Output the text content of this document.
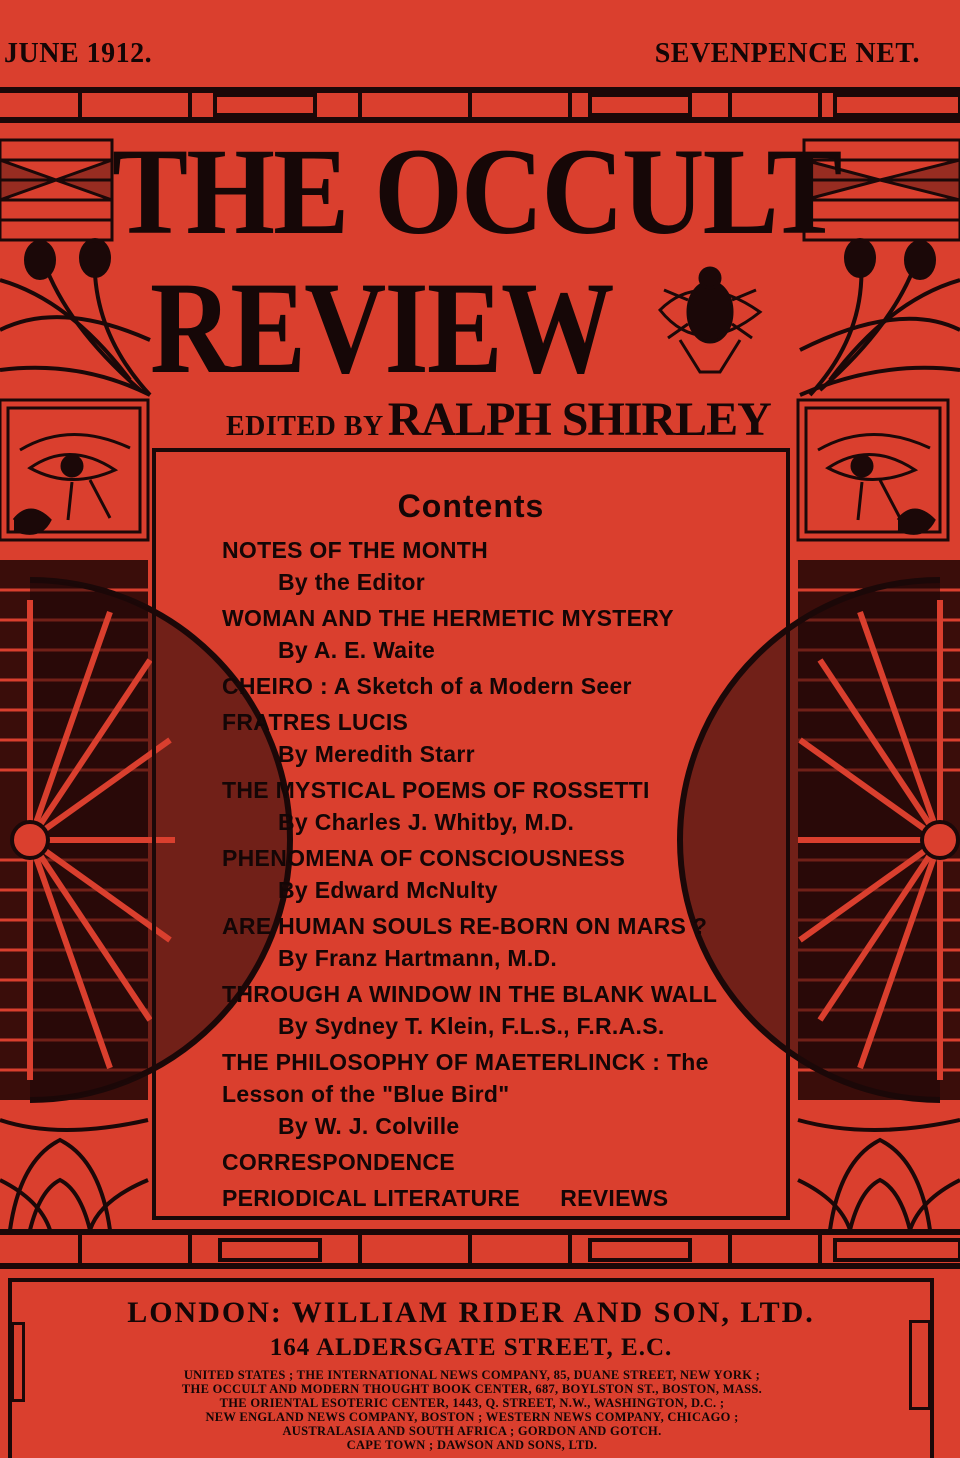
JUNE 1912.	SEVENPENCE NET.
THE OCCULT
REVIEW
EDITED BY RALPH SHIRLEY
Contents
NOTES OF THE MONTH
By the Editor
WOMAN AND THE HERMETIC MYSTERY
By A. E. Waite
CHEIRO : A Sketch of a Modern Seer
FRATRES LUCIS
By Meredith Starr
THE MYSTICAL POEMS OF ROSSETTI
By Charles J. Whitby, M.D.
PHENOMENA OF CONSCIOUSNESS
By Edward McNulty
ARE HUMAN SOULS RE-BORN ON MARS ?
By Franz Hartmann, M.D.
THROUGH A WINDOW IN THE BLANK WALL
By Sydney T. Klein, F.L.S., F.R.A.S.
THE PHILOSOPHY OF MAETERLINCK : The Lesson of the "Blue Bird"
By W. J. Colville
CORRESPONDENCE
PERIODICAL LITERATURE      REVIEWS
LONDON: WILLIAM RIDER AND SON, LTD.
164 ALDERSGATE STREET, E.C.
UNITED STATES ; THE INTERNATIONAL NEWS COMPANY, 85, DUANE STREET, NEW YORK ;
THE OCCULT AND MODERN THOUGHT BOOK CENTER, 687, BOYLSTON ST., BOSTON, MASS.
THE ORIENTAL ESOTERIC CENTER, 1443, Q. STREET, N.W., WASHINGTON, D.C. ;
NEW ENGLAND NEWS COMPANY, BOSTON ; WESTERN NEWS COMPANY, CHICAGO ;
AUSTRALASIA AND SOUTH AFRICA ; GORDON AND GOTCH.
CAPE TOWN ; DAWSON AND SONS, LTD.
